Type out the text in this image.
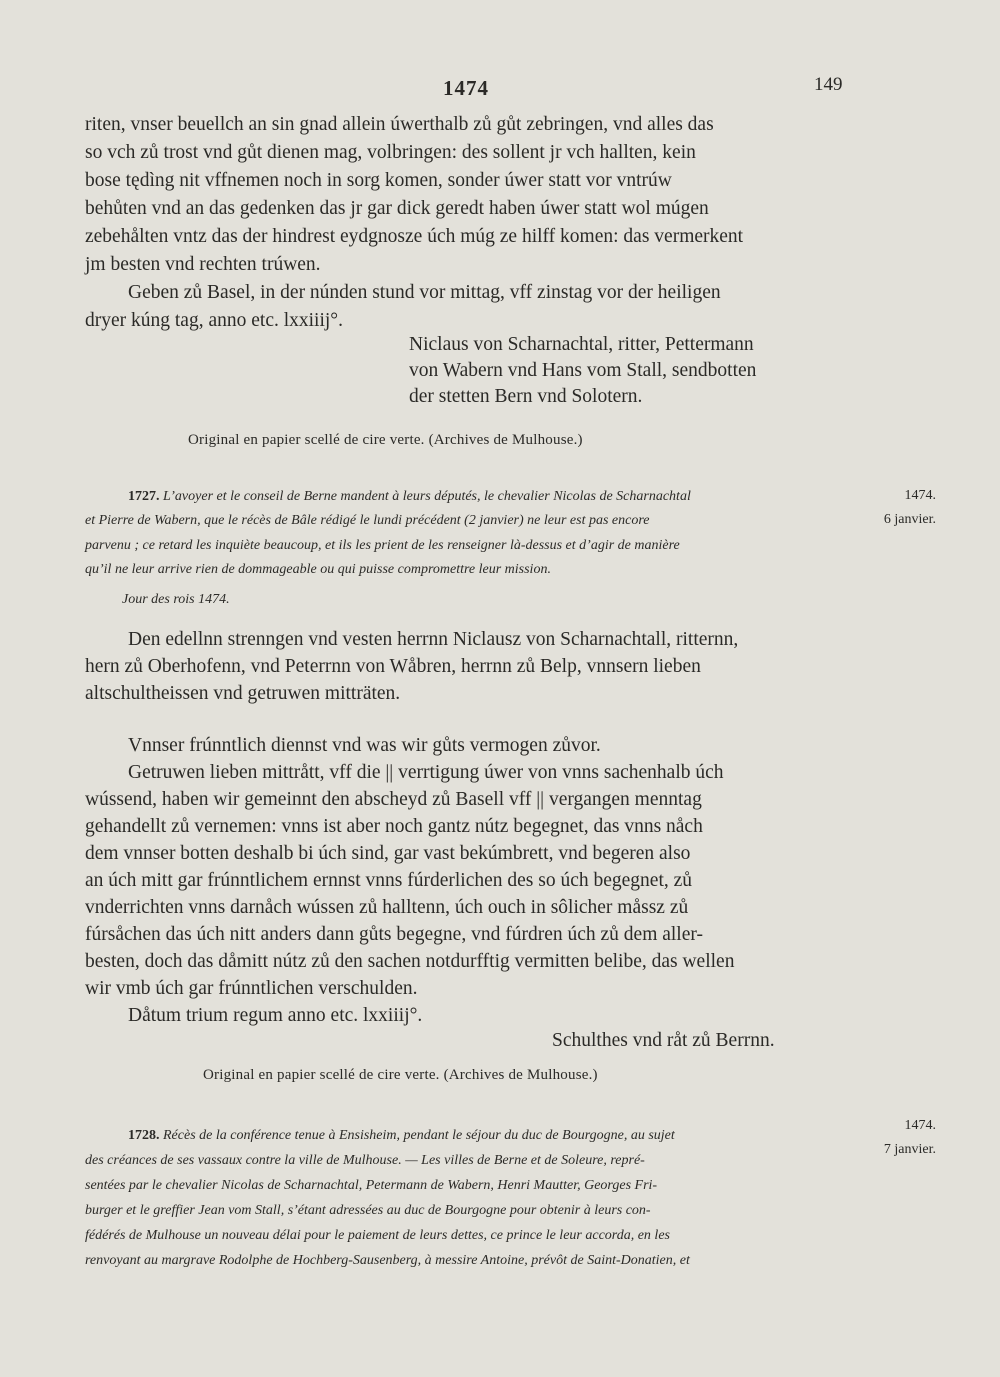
1474	149
riten, vnser beuellch an sin gnad allein úwerthalb zů gůt zebringen, vnd alles das
so vch zů trost vnd gůt dienen mag, volbringen: des sollent jr vch hallten, kein
bose tędìng nit vffnemen noch in sorg komen, sonder úwer statt vor vntrúw
behůten vnd an das gedenken das jr gar dick geredt haben úwer statt wol múgen
zebehålten vntz das der hindrest eydgnosze úch múg ze hilff komen: das vermerkent
jm besten vnd rechten trúwen.
Geben zů Basel, in der núnden stund vor mittag, vff zinstag vor der heiligen
dryer kúng tag, anno etc. lxxiiij°.
Niclaus von Scharnachtal, ritter, Pettermann
von Wabern vnd Hans vom Stall, sendbotten
der stetten Bern vnd Solotern.
Original en papier scellé de cire verte. (Archives de Mulhouse.)
1474.
6 janvier.
1727. L’avoyer et le conseil de Berne mandent à leurs députés, le chevalier Nicolas de Scharnachtal
et Pierre de Wabern, que le récès de Bâle rédigé le lundi précédent (2 janvier) ne leur est pas encore
parvenu ; ce retard les inquiète beaucoup, et ils les prient de les renseigner là-dessus et d’agir de manière
qu’il ne leur arrive rien de dommageable ou qui puisse compromettre leur mission.
Jour des rois 1474.
Den edellnn strenngen vnd vesten herrnn Niclausz von Scharnachtall, ritternn,
hern zů Oberhofenn, vnd Peterrnn von Wåbren, herrnn zů Belp, vnnsern lieben
altschultheissen vnd getruwen mitträten.
Vnnser frúnntlich diennst vnd was wir gůts vermogen zůvor.
Getruwen lieben mittrått, vff die || verrtigung úwer von vnns sachenhalb úch
wússend, haben wir gemeinnt den abscheyd zů Basell vff || vergangen menntag
gehandellt zů vernemen: vnns ist aber noch gantz nútz begegnet, das vnns nåch
dem vnnser botten deshalb bi úch sind, gar vast bekúmbrett, vnd begeren also
an úch mitt gar frúnntlichem ernnst vnns fúrderlichen des so úch begegnet, zů
vnderrichten vnns darnåch wússen zů halltenn, úch ouch in sôlicher måssz zů
fúrsåchen das úch nitt anders dann gůts begegne, vnd fúrdren úch zů dem aller-
besten, doch das dåmitt nútz zů den sachen notdurfftig vermitten belibe, das wellen
wir vmb úch gar frúnntlichen verschulden.
Dåtum trium regum anno etc. lxxiiij°.
Schulthes vnd råt zů Berrnn.
Original en papier scellé de cire verte. (Archives de Mulhouse.)
1474.
7 janvier.
1728. Récès de la conférence tenue à Ensisheim, pendant le séjour du duc de Bourgogne, au sujet
des créances de ses vassaux contre la ville de Mulhouse. — Les villes de Berne et de Soleure, repré-
sentées par le chevalier Nicolas de Scharnachtal, Petermann de Wabern, Henri Mautter, Georges Fri-
burger et le greffier Jean vom Stall, s’étant adressées au duc de Bourgogne pour obtenir à leurs con-
fédérés de Mulhouse un nouveau délai pour le paiement de leurs dettes, ce prince le leur accorda, en les
renvoyant au margrave Rodolphe de Hochberg-Sausenberg, à messire Antoine, prévôt de Saint-Donatien, et
